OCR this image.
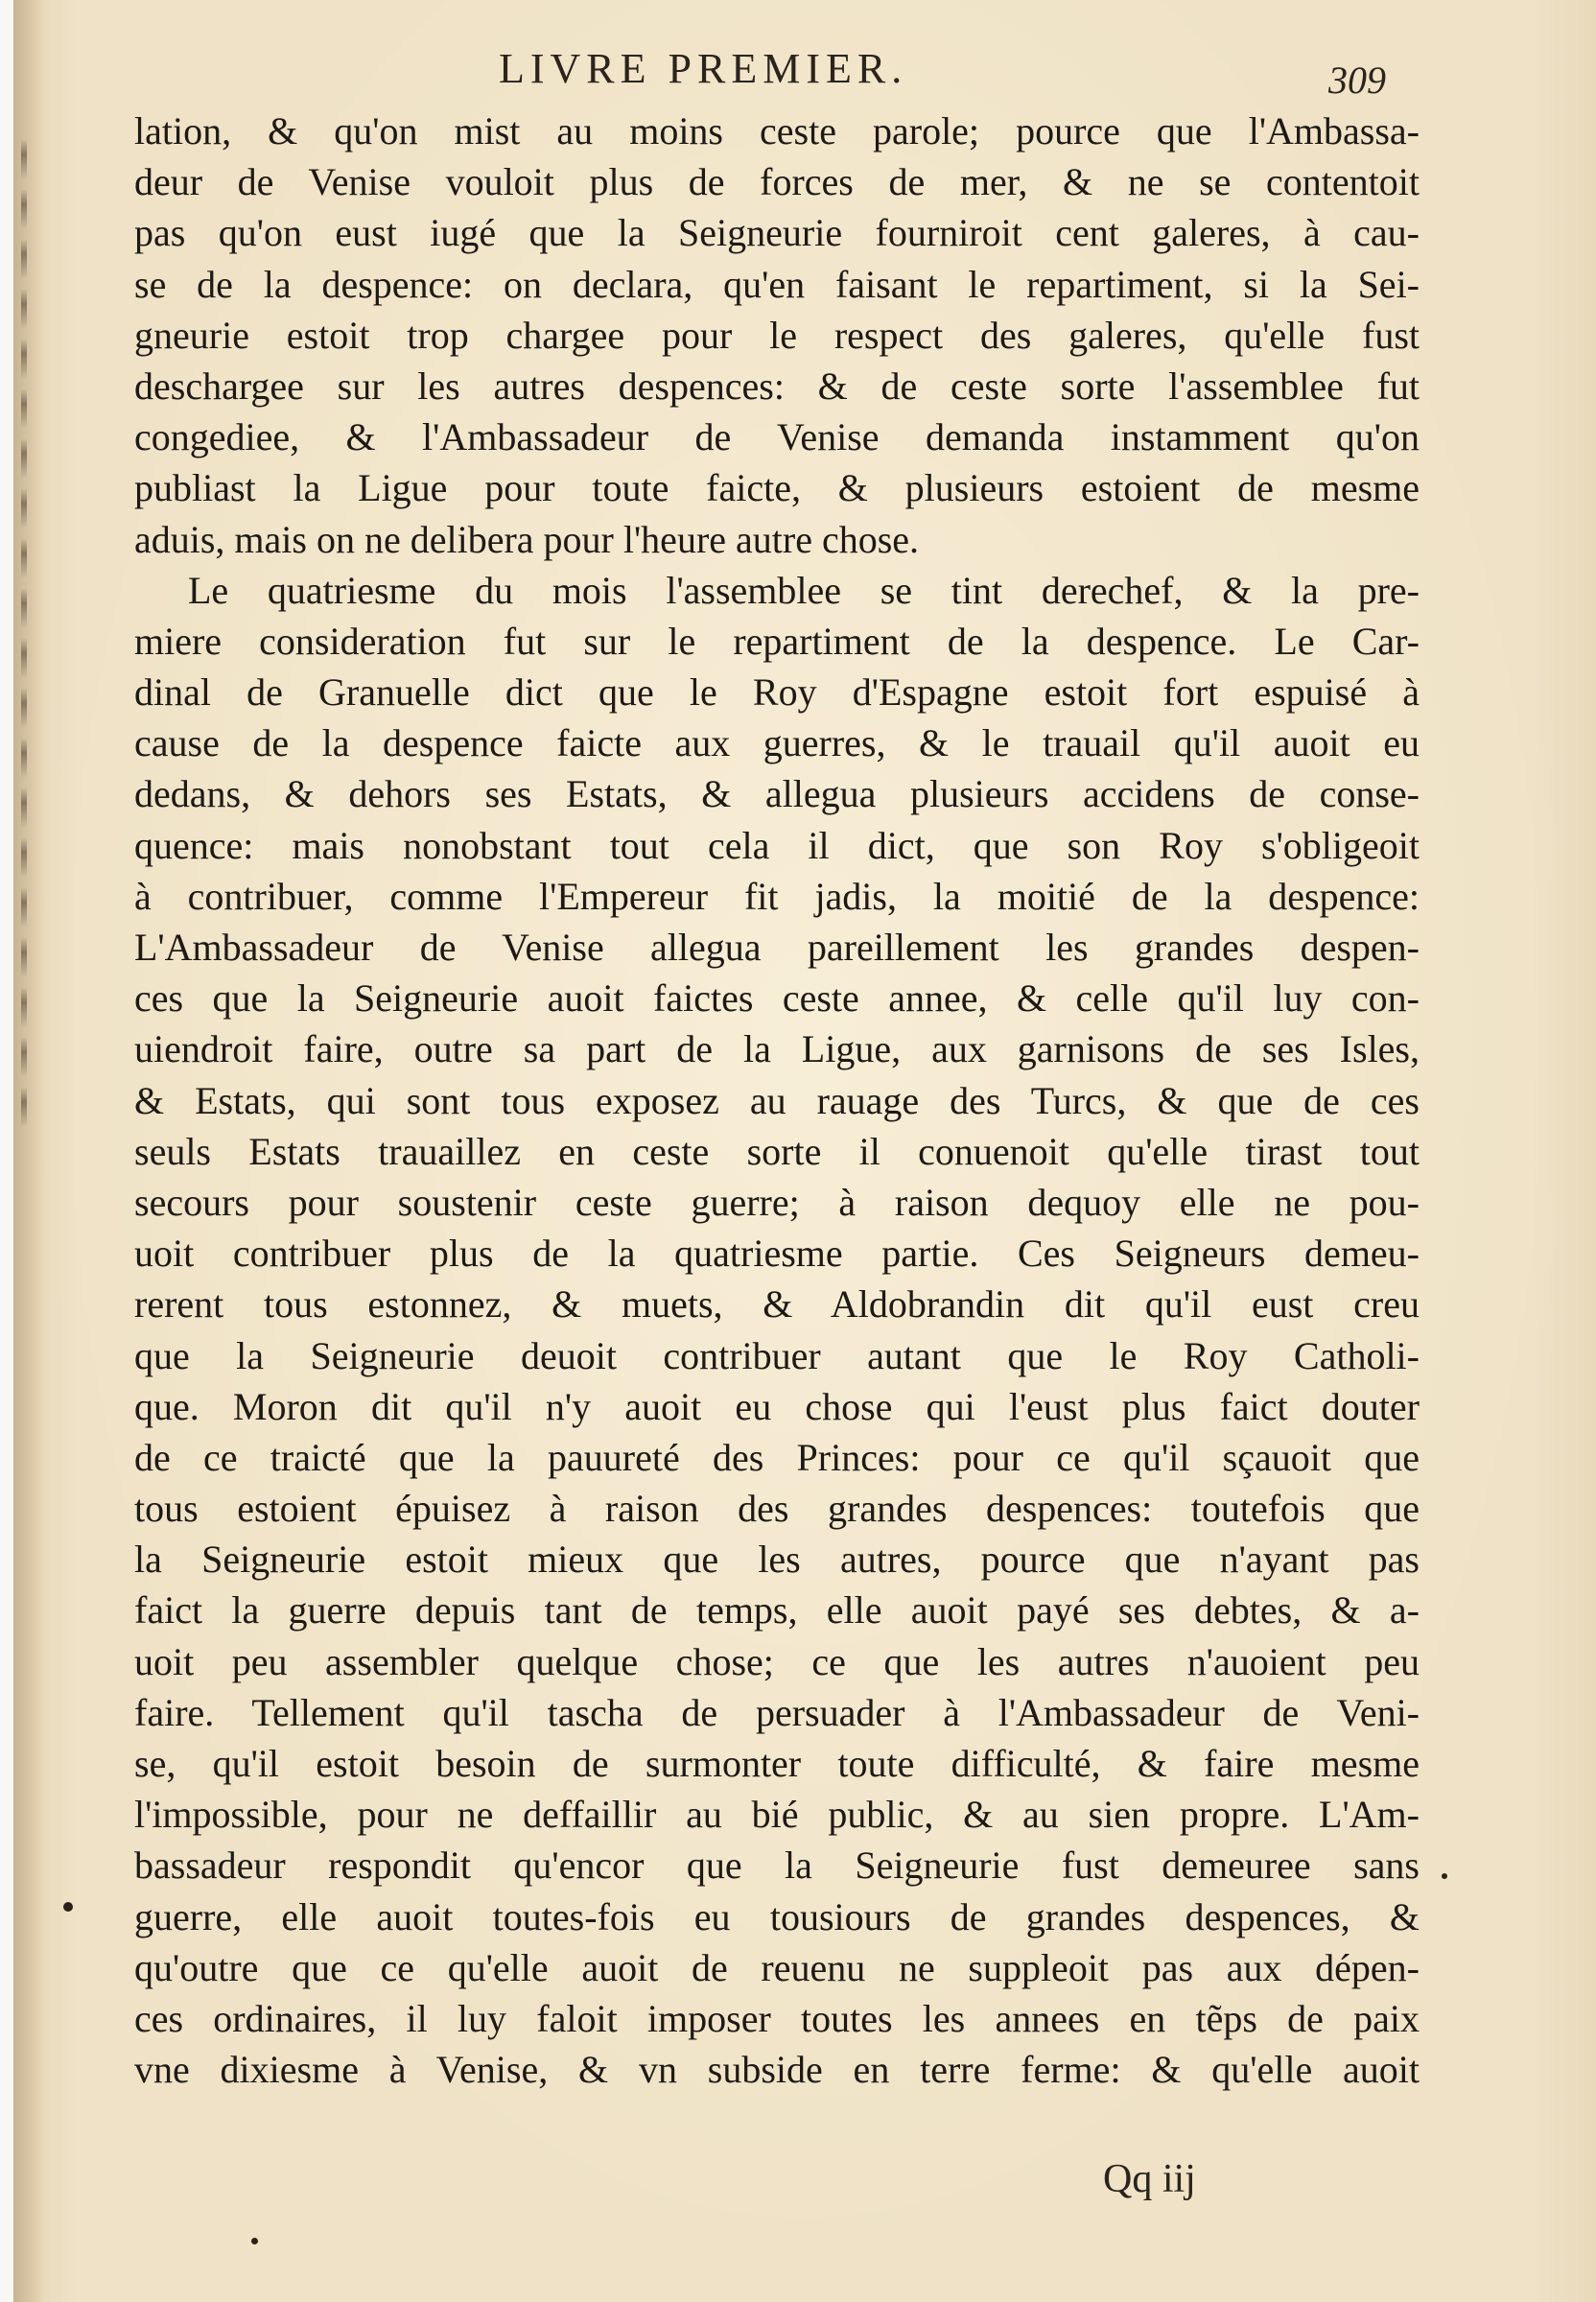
LIVRE PREMIER.	309
lation, & qu'on mist au moins ceste parole; pource que l'Ambassa-
deur de Venise vouloit plus de forces de mer, & ne se contentoit
pas qu'on eust iugé que la Seigneurie fourniroit cent galeres, à cau-
se de la despence: on declara, qu'en faisant le repartiment, si la Sei-
gneurie estoit trop chargee pour le respect des galeres, qu'elle fust
deschargee sur les autres despences: & de ceste sorte l'assemblee fut
congediee, & l'Ambassadeur de Venise demanda instamment qu'on
publiast la Ligue pour toute faicte, & plusieurs estoient de mesme
aduis, mais on ne delibera pour l'heure autre chose.
Le quatriesme du mois l'assemblee se tint derechef, & la pre-
miere consideration fut sur le repartiment de la despence. Le Car-
dinal de Granuelle dict que le Roy d'Espagne estoit fort espuisé à
cause de la despence faicte aux guerres, & le trauail qu'il auoit eu
dedans, & dehors ses Estats, & allegua plusieurs accidens de conse-
quence: mais nonobstant tout cela il dict, que son Roy s'obligeoit
à contribuer, comme l'Empereur fit jadis, la moitié de la despence:
L'Ambassadeur de Venise allegua pareillement les grandes despen-
ces que la Seigneurie auoit faictes ceste annee, & celle qu'il luy con-
uiendroit faire, outre sa part de la Ligue, aux garnisons de ses Isles,
& Estats, qui sont tous exposez au rauage des Turcs, & que de ces
seuls Estats trauaillez en ceste sorte il conuenoit qu'elle tirast tout
secours pour soustenir ceste guerre; à raison dequoy elle ne pou-
uoit contribuer plus de la quatriesme partie. Ces Seigneurs demeu-
rerent tous estonnez, & muets, & Aldobrandin dit qu'il eust creu
que la Seigneurie deuoit contribuer autant que le Roy Catholi-
que. Moron dit qu'il n'y auoit eu chose qui l'eust plus faict douter
de ce traicté que la pauureté des Princes: pour ce qu'il sçauoit que
tous estoient épuisez à raison des grandes despences: toutefois que
la Seigneurie estoit mieux que les autres, pource que n'ayant pas
faict la guerre depuis tant de temps, elle auoit payé ses debtes, & a-
uoit peu assembler quelque chose; ce que les autres n'auoient peu
faire. Tellement qu'il tascha de persuader à l'Ambassadeur de Veni-
se, qu'il estoit besoin de surmonter toute difficulté, & faire mesme
l'impossible, pour ne deffaillir au bié public, & au sien propre. L'Am-
bassadeur respondit qu'encor que la Seigneurie fust demeuree sans
guerre, elle auoit toutes-fois eu tousiours de grandes despences, &
qu'outre que ce qu'elle auoit de reuenu ne suppleoit pas aux dépen-
ces ordinaires, il luy faloit imposer toutes les annees en tẽps de paix
vne dixiesme à Venise, & vn subside en terre ferme: & qu'elle auoit
Qq iij
